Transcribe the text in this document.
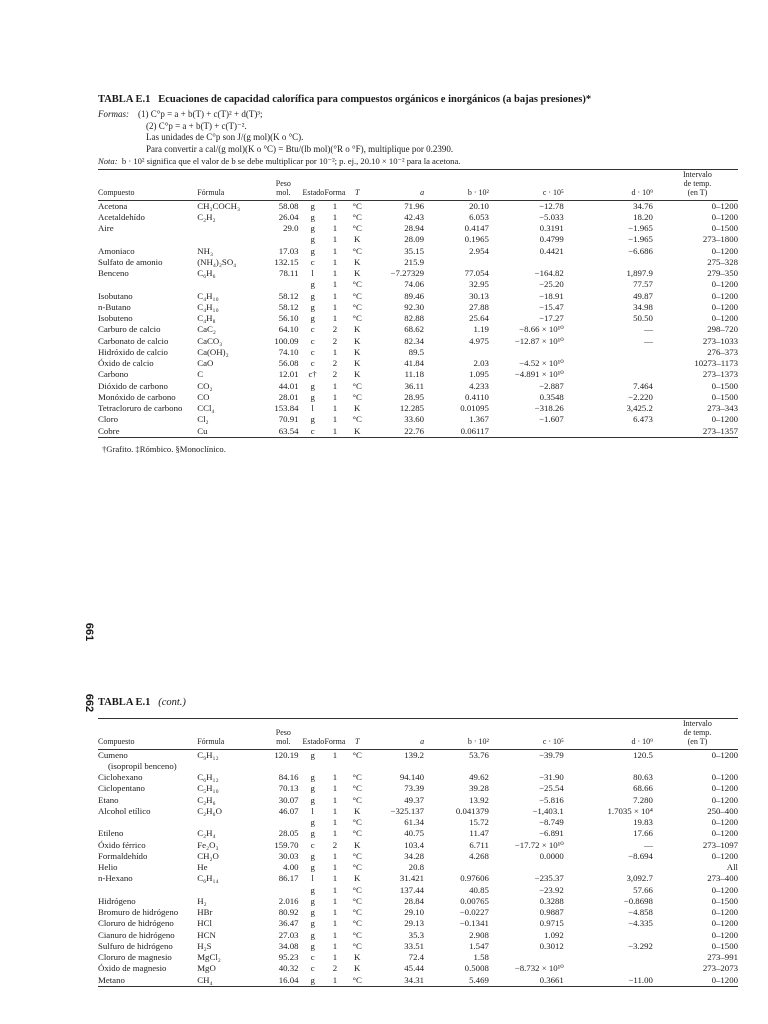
661
662
TABLA E.1 Ecuaciones de capacidad calorífica para compuestos orgánicos e inorgánicos (a bajas presiones)*
Formas:	(1) C°p = a + b(T) + c(T)² + d(T)³;
(2) C°p = a + b(T) + c(T)⁻².
Las unidades de C°p son J/(g mol)(K o °C).
Para convertir a cal/(g mol)(K o °C) = Btu/(lb mol)(°R o °F), multiplique por 0.2390.
Nota: b · 10² significa que el valor de b se debe multiplicar por 10⁻²; p. ej., 20.10 × 10⁻² para la acetona.
Compuesto	Fórmula	Peso
mol.	Estado	Forma	T	a	b · 10²	c · 10⁵	d · 10⁹	Intervalo
de temp.
(en T)
Acetona	CH₃COCH₃	58.08	g	1	°C	71.96	20.10	−12.78	34.76	0–1200
Acetaldehído	C₂H₂	26.04	g	1	°C	42.43	6.053	−5.033	18.20	0–1200
Aire		29.0	g	1	°C	28.94	0.4147	0.3191	−1.965	0–1500
			g	1	K	28.09	0.1965	0.4799	−1.965	273–1800
Amoniaco	NH₃	17.03	g	1	°C	35.15	2.954	0.4421	−6.686	0–1200
Sulfato de amonio	(NH₄)₂SO₄	132.15	c	1	K	215.9				275–328
Benceno	C₆H₆	78.11	l	1	K	−7.27329	77.054	−164.82	1,897.9	279–350
			g	1	°C	74.06	32.95	−25.20	77.57	0–1200
Isobutano	C₄H₁₀	58.12	g	1	°C	89.46	30.13	−18.91	49.87	0–1200
n-Butano	C₄H₁₀	58.12	g	1	°C	92.30	27.88	−15.47	34.98	0–1200
Isobuteno	C₄H₈	56.10	g	1	°C	82.88	25.64	−17.27	50.50	0–1200
Carburo de calcio	CaC₂	64.10	c	2	K	68.62	1.19	−8.66 × 10¹⁰	—	298–720
Carbonato de calcio	CaCO₃	100.09	c	2	K	82.34	4.975	−12.87 × 10¹⁰	—	273–1033
Hidróxido de calcio	Ca(OH)₂	74.10	c	1	K	89.5				276–373
Óxido de calcio	CaO	56.08	c	2	K	41.84	2.03	−4.52 × 10¹⁰		10273–1173
Carbono	C	12.01	c†	2	K	11.18	1.095	−4.891 × 10¹⁰		273–1373
Dióxido de carbono	CO₂	44.01	g	1	°C	36.11	4.233	−2.887	7.464	0–1500
Monóxido de carbono	CO	28.01	g	1	°C	28.95	0.4110	0.3548	−2.220	0–1500
Tetracloruro de carbono	CCl₄	153.84	l	1	K	12.285	0.01095	−318.26	3,425.2	273–343
Cloro	Cl₂	70.91	g	1	°C	33.60	1.367	−1.607	6.473	0–1200
Cobre	Cu	63.54	c	1	K	22.76	0.06117			273–1357
†Grafito. ‡Rómbico. §Monoclínico.
TABLA E.1 (cont.)
Compuesto	Fórmula	Peso
mol.	Estado	Forma	T	a	b · 10²	c · 10⁵	d · 10⁹	Intervalo
de temp.
(en T)
Cumeno	C₉H₁₂	120.19	g	1	°C	139.2	53.76	−39.79	120.5	0–1200
(isopropil benceno)										
Ciclohexano	C₆H₁₂	84.16	g	1	°C	94.140	49.62	−31.90	80.63	0–1200
Ciclopentano	C₅H₁₀	70.13	g	1	°C	73.39	39.28	−25.54	68.66	0–1200
Etano	C₂H₆	30.07	g	1	°C	49.37	13.92	−5.816	7.280	0–1200
Alcohol etílico	C₂H₆O	46.07	l	1	K	−325.137	0.041379	−1,403.1	1.7035 × 10⁴	250–400
			g	1	°C	61.34	15.72	−8.749	19.83	0–1200
Etileno	C₂H₄	28.05	g	1	°C	40.75	11.47	−6.891	17.66	0–1200
Óxido férrico	Fe₂O₃	159.70	c	2	K	103.4	6.711	−17.72 × 10¹⁰	—	273–1097
Formaldehído	CH₂O	30.03	g	1	°C	34.28	4.268	0.0000	−8.694	0–1200
Helio	He	4.00	g	1	°C	20.8				All
n-Hexano	C₆H₁₄	86.17	l	1	K	31.421	0.97606	−235.37	3,092.7	273–400
			g	1	°C	137.44	40.85	−23.92	57.66	0–1200
Hidrógeno	H₂	2.016	g	1	°C	28.84	0.00765	0.3288	−0.8698	0–1500
Bromuro de hidrógeno	HBr	80.92	g	1	°C	29.10	−0.0227	0.9887	−4.858	0–1200
Cloruro de hidrógeno	HCl	36.47	g	1	°C	29.13	−0.1341	0.9715	−4.335	0–1200
Cianuro de hidrógeno	HCN	27.03	g	1	°C	35.3	2.908	1.092		0–1200
Sulfuro de hidrógeno	H₂S	34.08	g	1	°C	33.51	1.547	0.3012	−3.292	0–1500
Cloruro de magnesio	MgCl₂	95.23	c	1	K	72.4	1.58			273–991
Óxido de magnesio	MgO	40.32	c	2	K	45.44	0.5008	−8.732 × 10¹⁰		273–2073
Metano	CH₄	16.04	g	1	°C	34.31	5.469	0.3661	−11.00	0–1200
